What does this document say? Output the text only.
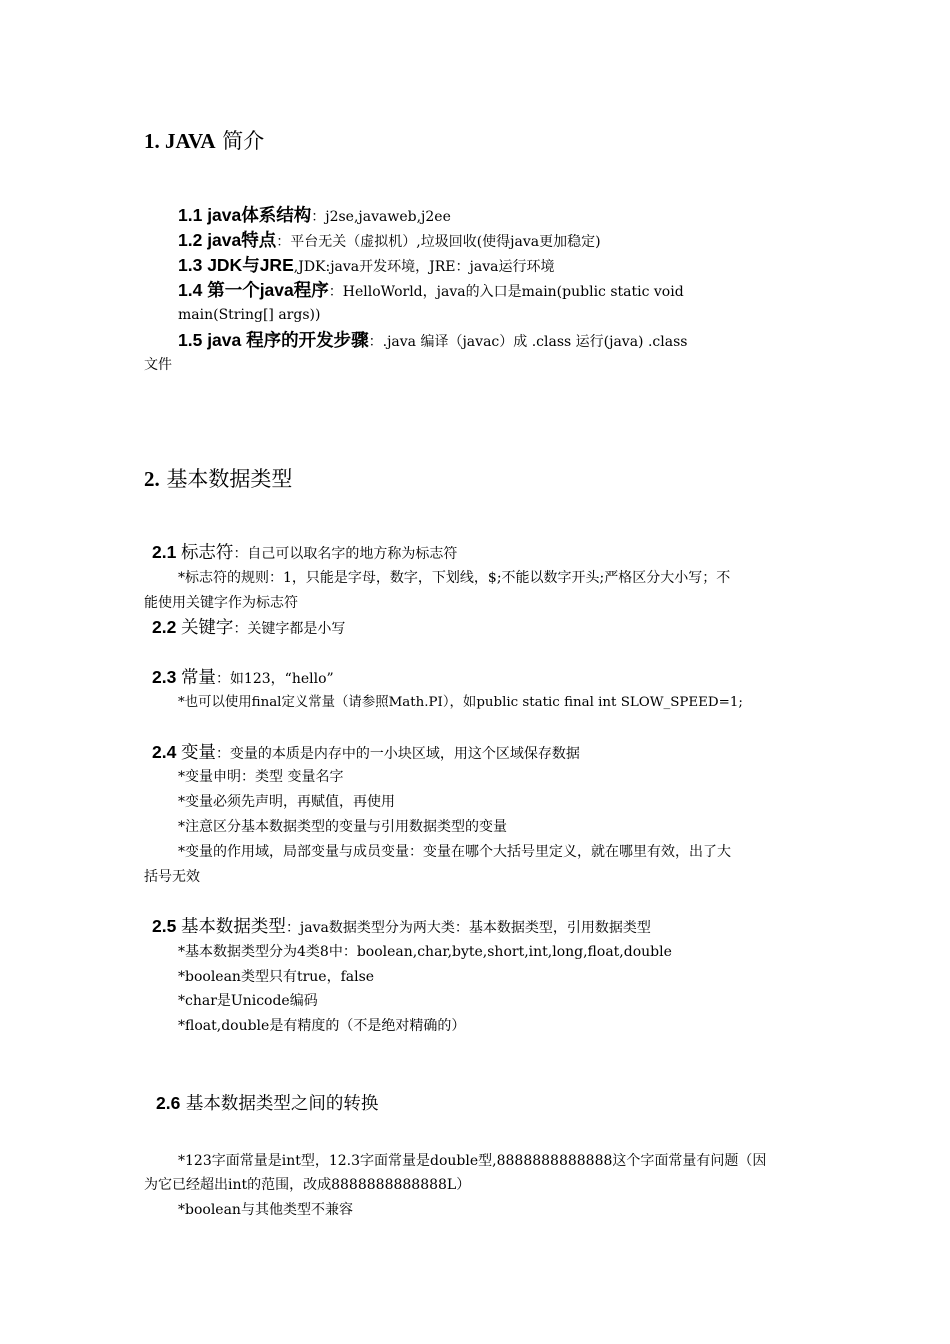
1. JAVA 简介
1.1 java体系结构：j2se,javaweb,j2ee
1.2 java特点：平台无关（虚拟机）,垃圾回收(使得java更加稳定)
1.3 JDK与JRE,JDK:java开发环境，JRE：java运行环境
1.4 第一个java程序：HelloWorld，java的入口是main(public static void
main(String[] args))
1.5 java 程序的开发步骤：.java 编译（javac）成 .class 运行(java) .class
文件
2. 基本数据类型
2.1 标志符：自己可以取名字的地方称为标志符
*标志符的规则：1，只能是字母，数字，下划线，$;不能以数字开头;严格区分大小写；不
能使用关键字作为标志符
2.2 关键字：关键字都是小写
2.3 常量：如123，“hello”
*也可以使用final定义常量（请参照Math.PI），如public static final int SLOW_SPEED=1;
2.4 变量：变量的本质是内存中的一小块区域，用这个区域保存数据
*变量申明：类型 变量名字
*变量必须先声明，再赋值，再使用
*注意区分基本数据类型的变量与引用数据类型的变量
*变量的作用域，局部变量与成员变量：变量在哪个大括号里定义，就在哪里有效，出了大
括号无效
2.5 基本数据类型：java数据类型分为两大类：基本数据类型，引用数据类型
*基本数据类型分为4类8中：boolean,char,byte,short,int,long,float,double
*boolean类型只有true，false
*char是Unicode编码
*float,double是有精度的（不是绝对精确的）
2.6 基本数据类型之间的转换
*123字面常量是int型，12.3字面常量是double型,8888888888888这个字面常量有问题（因
为它已经超出int的范围，改成8888888888888L）
*boolean与其他类型不兼容
